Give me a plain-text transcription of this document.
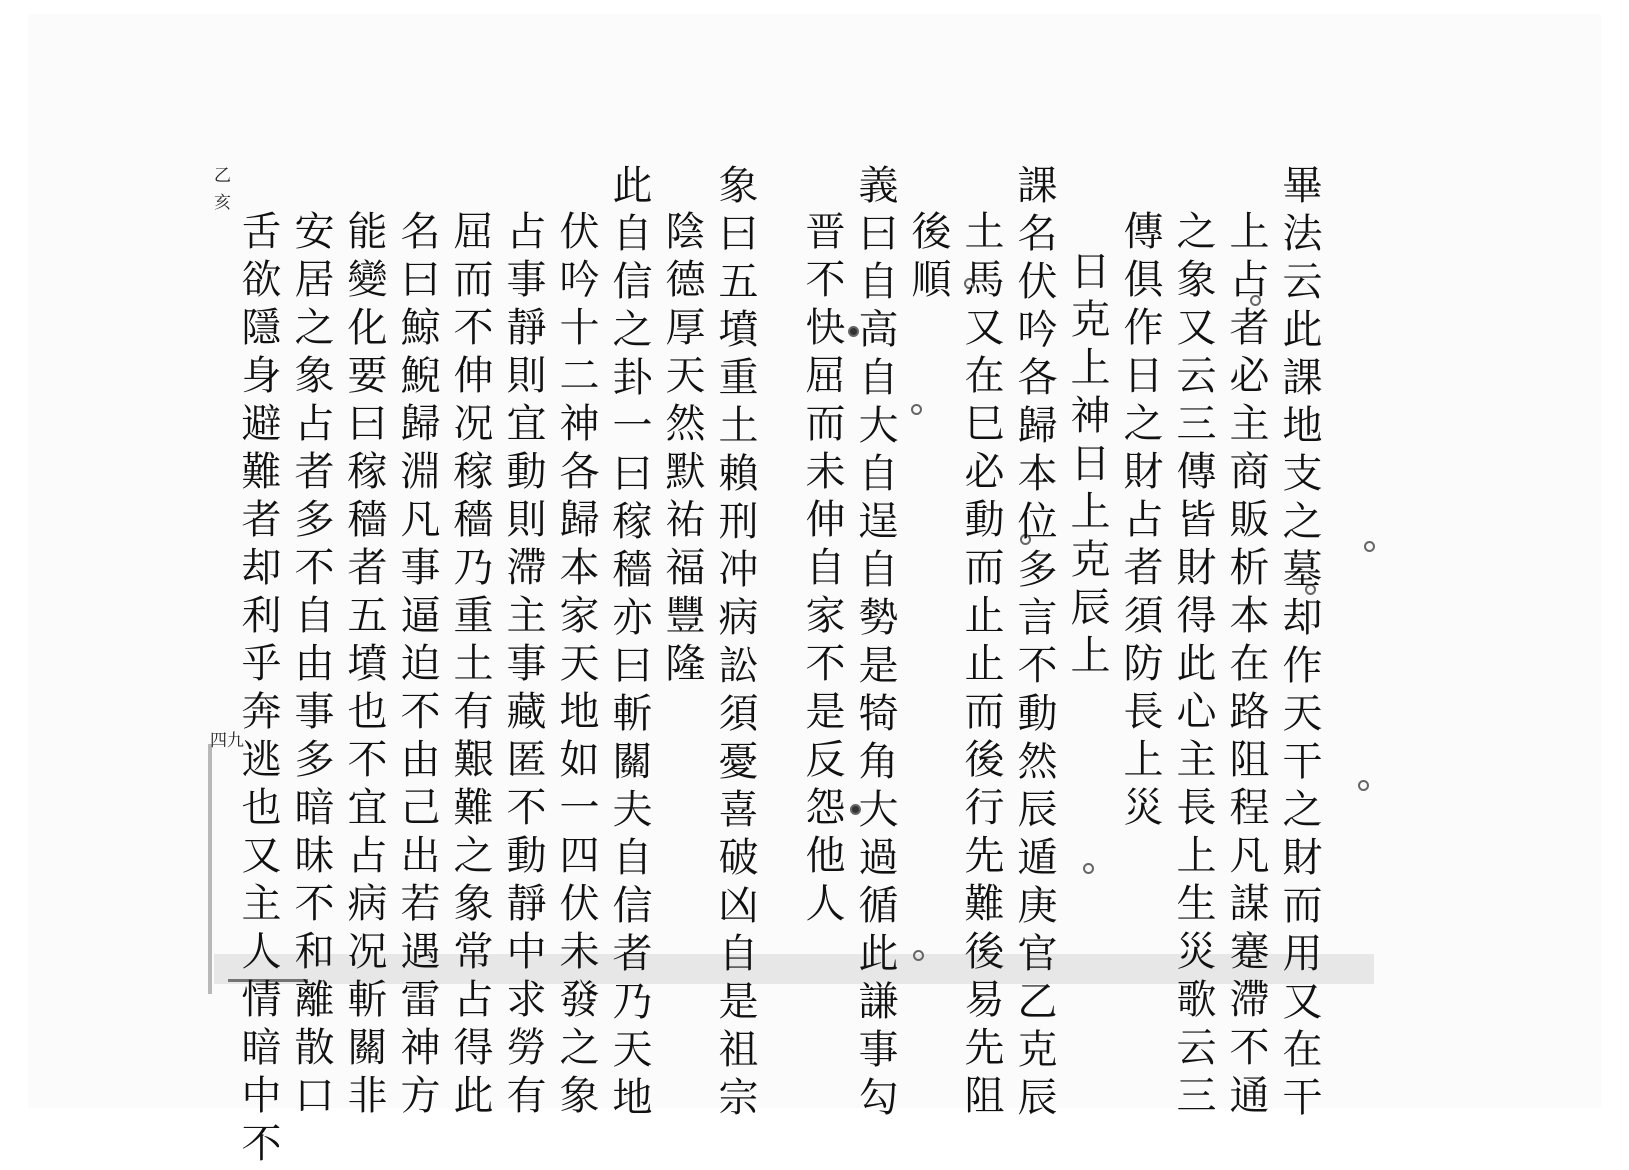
畢法云此課地支之墓却作天干之財而用又在干
上占者必主商販析本在路阻程凡謀蹇滯不通
之象又云三傳皆財得此心主長上生災歌云三
傳俱作日之財占者須防長上災
日克上神日上克辰上
課名伏吟各歸本位多言不動然辰遁庚官乙克辰
土馬又在巳必動而止止而後行先難後易先阻
後順
義曰自高自大自逞自勢是犄角大過循此謙事勾
晋不快屈而未伸自家不是反怨他人
象曰五墳重土賴刑冲病訟須憂喜破凶自是祖宗
陰德厚天然默祐福豐隆
此自信之卦一曰稼穡亦曰斬關夫自信者乃天地
伏吟十二神各歸本家天地如一四伏未發之象
占事靜則宜動則滯主事藏匿不動靜中求勞有
屈而不伸况稼穡乃重土有艱難之象常占得此
名曰鯨鯢歸淵凡事逼迫不由己出若遇雷神方
能變化要曰稼穡者五墳也不宜占病况斬關非
安居之象占者多不自由事多暗昧不和離散口
舌欲隱身避難者却利乎奔逃也又主人情暗中不
乙亥
四九
